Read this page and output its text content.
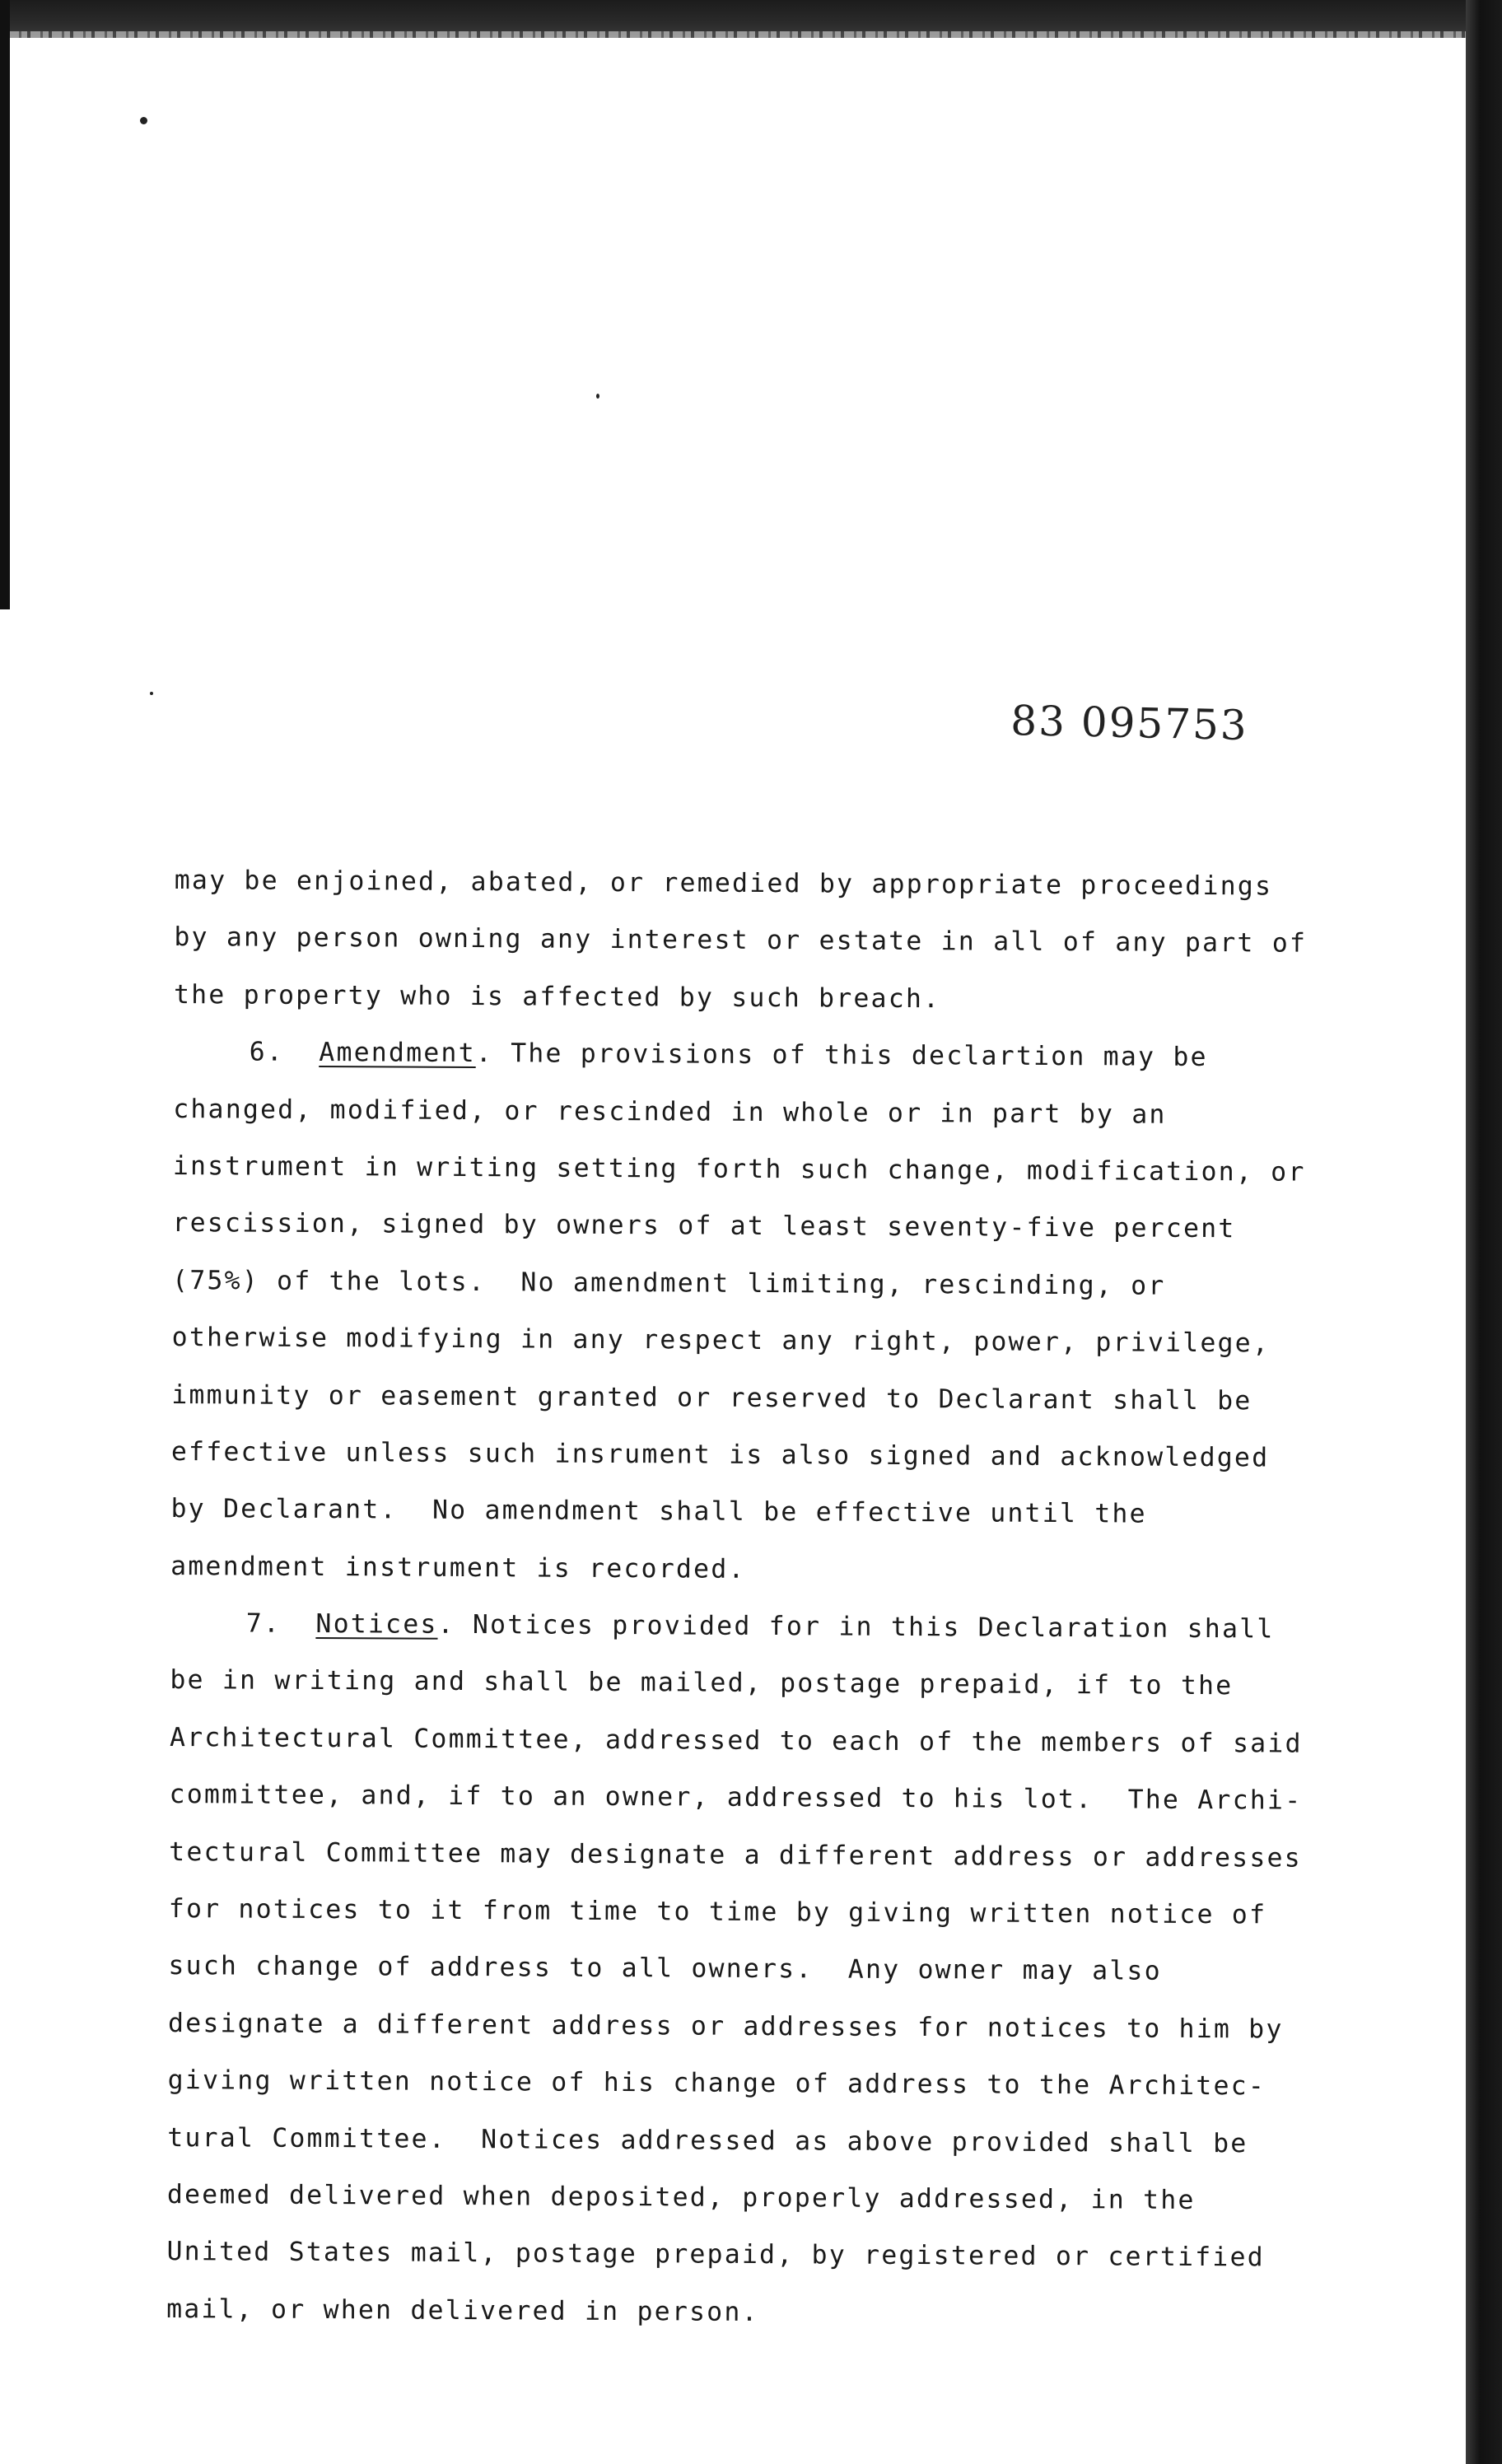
83 095753
may be enjoined, abated, or remedied by appropriate proceedings
by any person owning any interest or estate in all of any part of
the property who is affected by such breach.
6. Amendment. The provisions of this declartion may be
changed, modified, or rescinded in whole or in part by an
instrument in writing setting forth such change, modification, or
rescission, signed by owners of at least seventy-five percent
(75%) of the lots.  No amendment limiting, rescinding, or
otherwise modifying in any respect any right, power, privilege,
immunity or easement granted or reserved to Declarant shall be
effective unless such insrument is also signed and acknowledged
by Declarant.  No amendment shall be effective until the
amendment instrument is recorded.
7. Notices. Notices provided for in this Declaration shall
be in writing and shall be mailed, postage prepaid, if to the
Architectural Committee, addressed to each of the members of said
committee, and, if to an owner, addressed to his lot.  The Archi-
tectural Committee may designate a different address or addresses
for notices to it from time to time by giving written notice of
such change of address to all owners.  Any owner may also
designate a different address or addresses for notices to him by
giving written notice of his change of address to the Architec-
tural Committee.  Notices addressed as above provided shall be
deemed delivered when deposited, properly addressed, in the
United States mail, postage prepaid, by registered or certified
mail, or when delivered in person.
